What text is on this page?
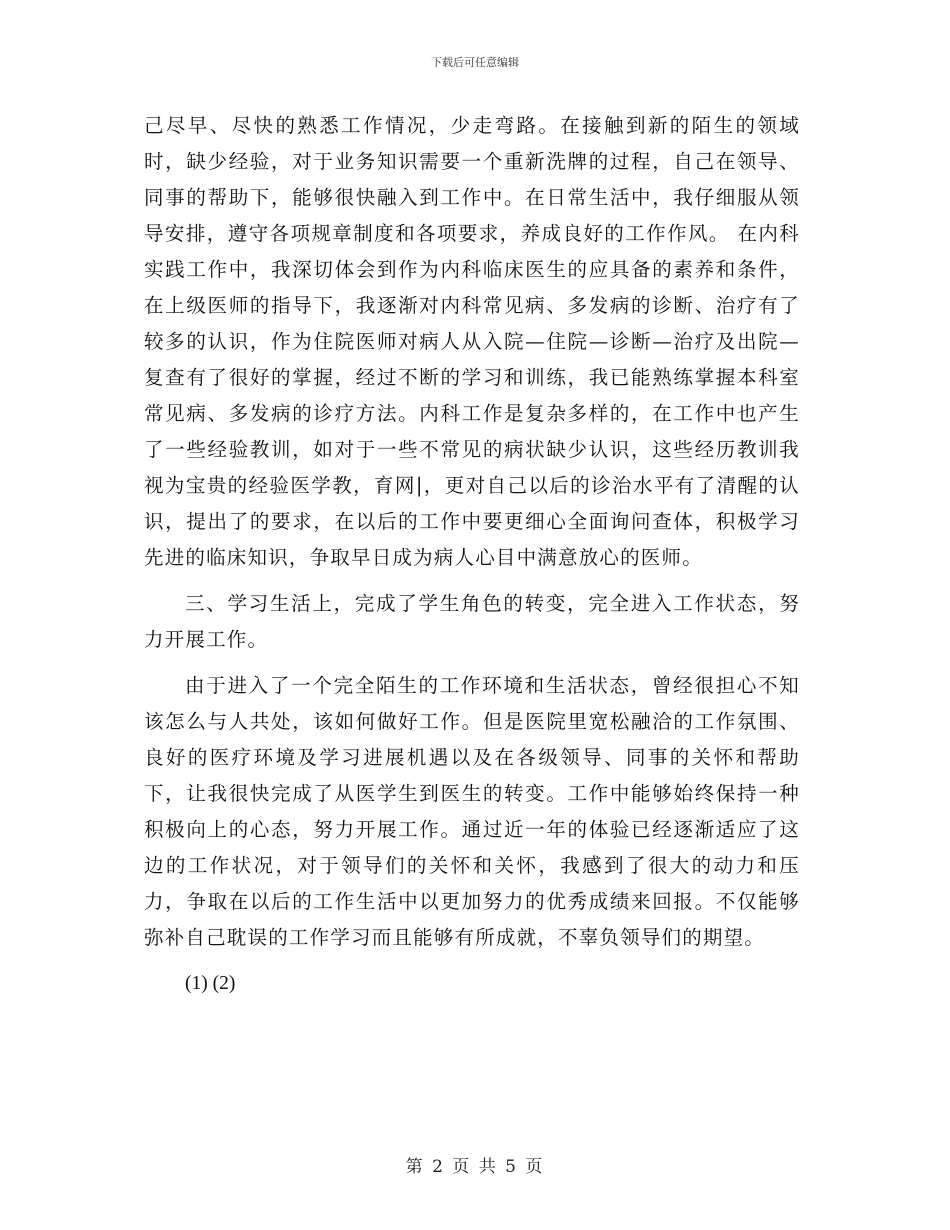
下载后可任意编辑

己尽早、尽快的熟悉工作情况，少走弯路。在接触到新的陌生的领域时，缺少经验，对于业务知识需要一个重新洗牌的过程，自己在领导、同事的帮助下，能够很快融入到工作中。在日常生活中，我仔细服从领导安排，遵守各项规章制度和各项要求，养成良好的工作作风。 在内科实践工作中，我深切体会到作为内科临床医生的应具备的素养和条件，在上级医师的指导下，我逐渐对内科常见病、多发病的诊断、治疗有了较多的认识，作为住院医师对病人从入院—住院—诊断—治疗及出院—复查有了很好的掌握，经过不断的学习和训练，我已能熟练掌握本科室常见病、多发病的诊疗方法。内科工作是复杂多样的，在工作中也产生了一些经验教训，如对于一些不常见的病状缺少认识，这些经历教训我视为宝贵的经验医学教，育网|，更对自己以后的诊治水平有了清醒的认识，提出了的要求，在以后的工作中要更细心全面询问查体，积极学习先进的临床知识，争取早日成为病人心目中满意放心的医师。

三、学习生活上，完成了学生角色的转变，完全进入工作状态，努力开展工作。

由于进入了一个完全陌生的工作环境和生活状态，曾经很担心不知该怎么与人共处，该如何做好工作。但是医院里宽松融洽的工作氛围、良好的医疗环境及学习进展机遇以及在各级领导、同事的关怀和帮助下，让我很快完成了从医学生到医生的转变。工作中能够始终保持一种积极向上的心态，努力开展工作。通过近一年的体验已经逐渐适应了这边的工作状况，对于领导们的关怀和关怀，我感到了很大的动力和压力，争取在以后的工作生活中以更加努力的优秀成绩来回报。不仅能够弥补自己耽误的工作学习而且能够有所成就，不辜负领导们的期望。

(1) (2)

第 2 页 共 5 页
